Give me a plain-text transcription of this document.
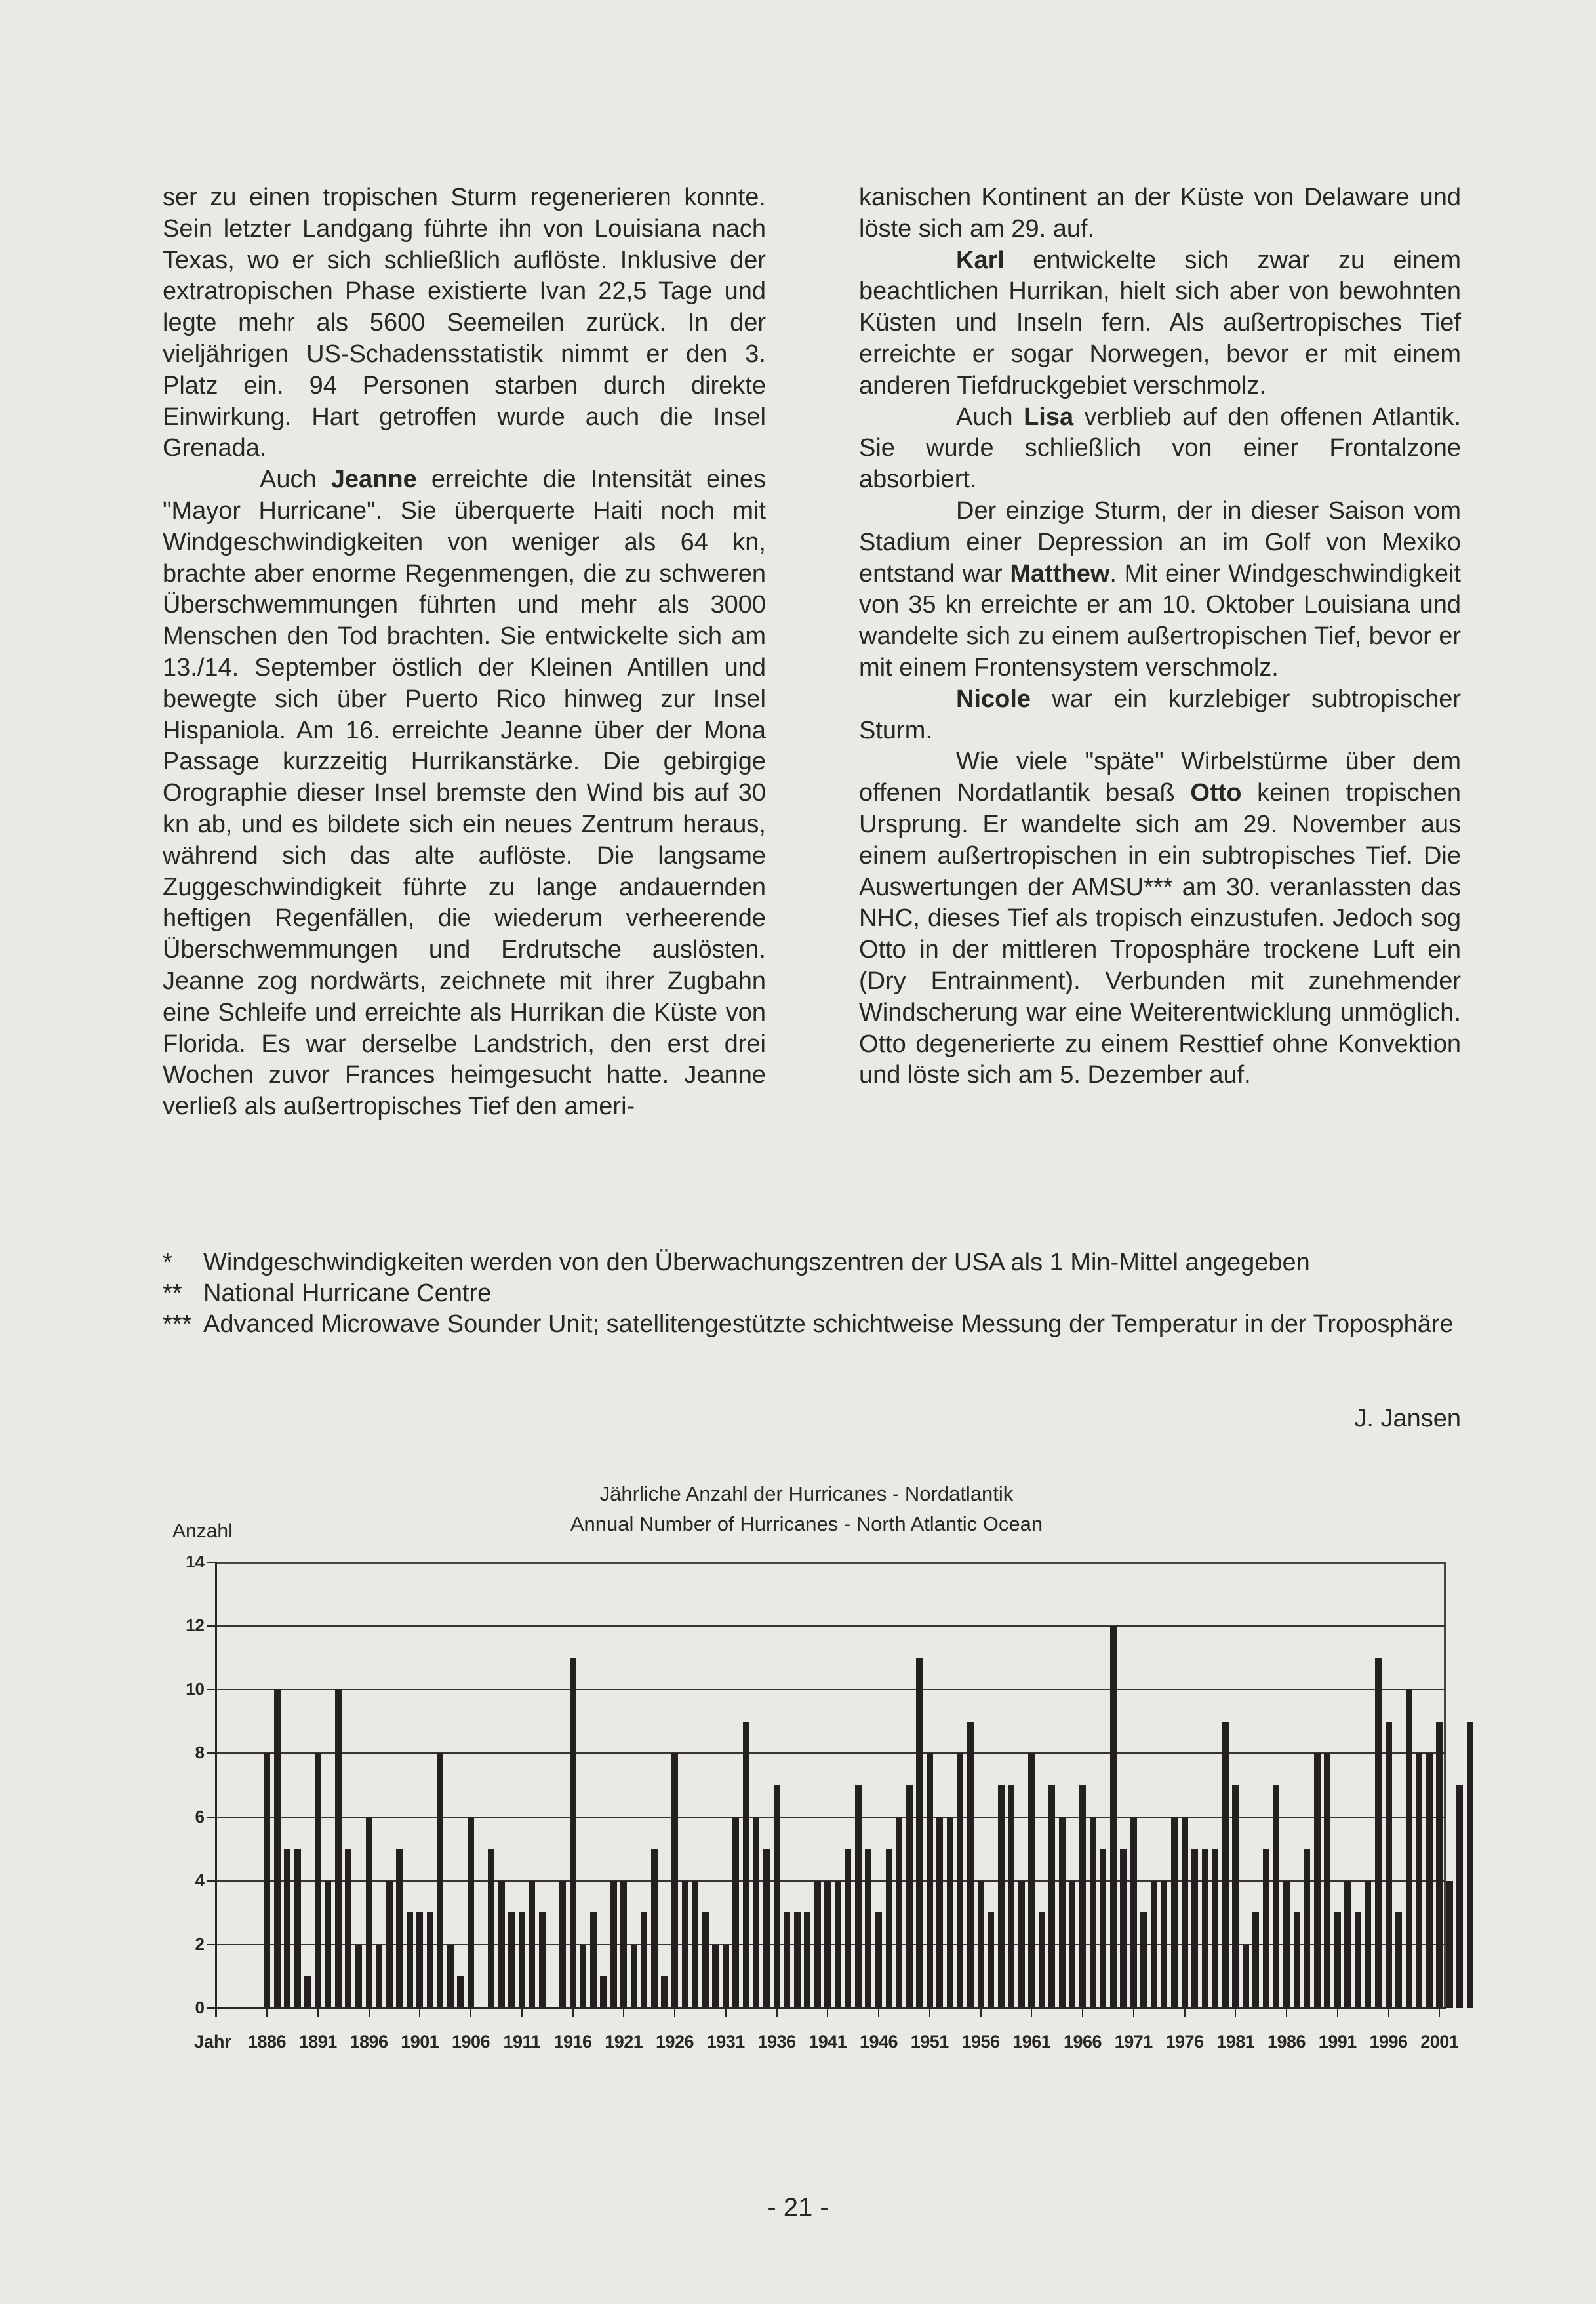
ser zu einen tropischen Sturm regenerieren konnte. Sein letzter Landgang führte ihn von Louisiana nach Texas, wo er sich schließlich auflöste. Inklusive der extratropischen Phase existierte Ivan 22,5 Tage und legte mehr als 5600 Seemeilen zurück. In der vieljährigen US-Schadensstatistik nimmt er den 3. Platz ein. 94 Personen starben durch direkte Einwirkung. Hart getroffen wurde auch die Insel Grenada.

Auch Jeanne erreichte die Intensität eines "Mayor Hurricane". Sie überquerte Haiti noch mit Windgeschwindigkeiten von weniger als 64 kn, brachte aber enorme Regenmengen, die zu schweren Überschwemmungen führten und mehr als 3000 Menschen den Tod brachten. Sie entwickelte sich am 13./14. September östlich der Kleinen Antillen und bewegte sich über Puerto Rico hinweg zur Insel Hispaniola. Am 16. erreichte Jeanne über der Mona Passage kurzzeitig Hurrikanstärke. Die gebirgige Orographie dieser Insel bremste den Wind bis auf 30 kn ab, und es bildete sich ein neues Zentrum heraus, während sich das alte auflöste. Die langsame Zuggeschwindigkeit führte zu lange andauernden heftigen Regenfällen, die wiederum verheerende Überschwemmungen und Erdrutsche auslösten. Jeanne zog nordwärts, zeichnete mit ihrer Zugbahn eine Schleife und erreichte als Hurrikan die Küste von Florida. Es war derselbe Landstrich, den erst drei Wochen zuvor Frances heimgesucht hatte. Jeanne verließ als außertropisches Tief den ameri-

kanischen Kontinent an der Küste von Delaware und löste sich am 29. auf.

Karl entwickelte sich zwar zu einem beachtlichen Hurrikan, hielt sich aber von bewohnten Küsten und Inseln fern. Als außertropisches Tief erreichte er sogar Norwegen, bevor er mit einem anderen Tiefdruckgebiet verschmolz.

Auch Lisa verblieb auf den offenen Atlantik. Sie wurde schließlich von einer Frontalzone absorbiert.

Der einzige Sturm, der in dieser Saison vom Stadium einer Depression an im Golf von Mexiko entstand war Matthew. Mit einer Windgeschwindigkeit von 35 kn erreichte er am 10. Oktober Louisiana und wandelte sich zu einem außertropischen Tief, bevor er mit einem Frontensystem verschmolz.

Nicole war ein kurzlebiger subtropischer Sturm.

Wie viele "späte" Wirbelstürme über dem offenen Nordatlantik besaß Otto keinen tropischen Ursprung. Er wandelte sich am 29. November aus einem außertropischen in ein subtropisches Tief. Die Auswertungen der AMSU*** am 30. veranlassten das NHC, dieses Tief als tropisch einzustufen. Jedoch sog Otto in der mittleren Troposphäre trockene Luft ein (Dry Entrainment). Verbunden mit zunehmender Windscherung war eine Weiterentwicklung unmöglich. Otto degenerierte zu einem Resttief ohne Konvektion und löste sich am 5. Dezember auf.

*	Windgeschwindigkeiten werden von den Überwachungszentren der USA als 1 Min-Mittel angegeben
** National Hurricane Centre
*** Advanced Microwave Sounder Unit; satellitengestützte schichtweise Messung der Temperatur in der Troposphäre
J. Jansen
Jährliche Anzahl der Hurricanes - Nordatlantik
Annual Number of Hurricanes - North Atlantic Ocean
Anzahl
0
2
4
6
8
10
12
14
1886 1891 1896 1901 1906 1911 1916 1921 1926 1931 1936 1941 1946 1951 1956 1961 1966 1971 1976 1981 1986 1991 1996 2001
Jahr
- 21 -
